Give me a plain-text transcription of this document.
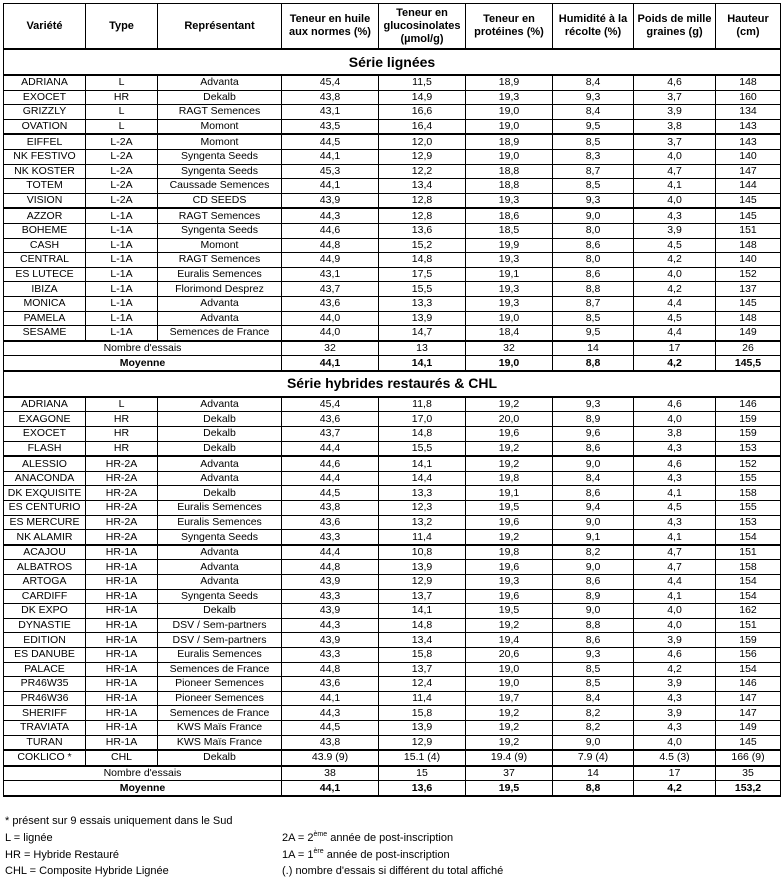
Variété	Type	Représentant	Teneur en huile aux normes (%)	Teneur en glucosinolates (µmol/g)	Teneur en protéines (%)	Humidité à la récolte (%)	Poids de mille graines (g)	Hauteur (cm)
Série lignées								
ADRIANA	L	Advanta	45,4	11,5	18,9	8,4	4,6	148
EXOCET	HR	Dekalb	43,8	14,9	19,3	9,3	3,7	160
GRIZZLY	L	RAGT Semences	43,1	16,6	19,0	8,4	3,9	134
OVATION	L	Momont	43,5	16,4	19,0	9,5	3,8	143
EIFFEL	L-2A	Momont	44,5	12,0	18,9	8,5	3,7	143
NK FESTIVO	L-2A	Syngenta Seeds	44,1	12,9	19,0	8,3	4,0	140
NK KOSTER	L-2A	Syngenta Seeds	45,3	12,2	18,8	8,7	4,7	147
TOTEM	L-2A	Caussade Semences	44,1	13,4	18,8	8,5	4,1	144
VISION	L-2A	CD SEEDS	43,9	12,8	19,3	9,3	4,0	145
AZZOR	L-1A	RAGT Semences	44,3	12,8	18,6	9,0	4,3	145
BOHEME	L-1A	Syngenta Seeds	44,6	13,6	18,5	8,0	3,9	151
CASH	L-1A	Momont	44,8	15,2	19,9	8,6	4,5	148
CENTRAL	L-1A	RAGT Semences	44,9	14,8	19,3	8,0	4,2	140
ES LUTECE	L-1A	Euralis Semences	43,1	17,5	19,1	8,6	4,0	152
IBIZA	L-1A	Florimond Desprez	43,7	15,5	19,3	8,8	4,2	137
MONICA	L-1A	Advanta	43,6	13,3	19,3	8,7	4,4	145
PAMELA	L-1A	Advanta	44,0	13,9	19,0	8,5	4,5	148
SESAME	L-1A	Semences de France	44,0	14,7	18,4	9,5	4,4	149
Nombre d'essais			32	13	32	14	17	26
Moyenne			44,1	14,1	19,0	8,8	4,2	145,5
Série hybrides restaurés & CHL								
ADRIANA	L	Advanta	45,4	11,8	19,2	9,3	4,6	146
EXAGONE	HR	Dekalb	43,6	17,0	20,0	8,9	4,0	159
EXOCET	HR	Dekalb	43,7	14,8	19,6	9,6	3,8	159
FLASH	HR	Dekalb	44,4	15,5	19,2	8,6	4,3	153
ALESSIO	HR-2A	Advanta	44,6	14,1	19,2	9,0	4,6	152
ANACONDA	HR-2A	Advanta	44,4	14,4	19,8	8,4	4,3	155
DK EXQUISITE	HR-2A	Dekalb	44,5	13,3	19,1	8,6	4,1	158
ES CENTURIO	HR-2A	Euralis Semences	43,8	12,3	19,5	9,4	4,5	155
ES MERCURE	HR-2A	Euralis Semences	43,6	13,2	19,6	9,0	4,3	153
NK ALAMIR	HR-2A	Syngenta Seeds	43,3	11,4	19,2	9,1	4,1	154
ACAJOU	HR-1A	Advanta	44,4	10,8	19,8	8,2	4,7	151
ALBATROS	HR-1A	Advanta	44,8	13,9	19,6	9,0	4,7	158
ARTOGA	HR-1A	Advanta	43,9	12,9	19,3	8,6	4,4	154
CARDIFF	HR-1A	Syngenta Seeds	43,3	13,7	19,6	8,9	4,1	154
DK EXPO	HR-1A	Dekalb	43,9	14,1	19,5	9,0	4,0	162
DYNASTIE	HR-1A	DSV / Sem-partners	44,3	14,8	19,2	8,8	4,0	151
EDITION	HR-1A	DSV / Sem-partners	43,9	13,4	19,4	8,6	3,9	159
ES DANUBE	HR-1A	Euralis Semences	43,3	15,8	20,6	9,3	4,6	156
PALACE	HR-1A	Semences de France	44,8	13,7	19,0	8,5	4,2	154
PR46W35	HR-1A	Pioneer Semences	43,6	12,4	19,0	8,5	3,9	146
PR46W36	HR-1A	Pioneer Semences	44,1	11,4	19,7	8,4	4,3	147
SHERIFF	HR-1A	Semences de France	44,3	15,8	19,2	8,2	3,9	147
TRAVIATA	HR-1A	KWS Maïs France	44,5	13,9	19,2	8,2	4,3	149
TURAN	HR-1A	KWS Maïs France	43,8	12,9	19,2	9,0	4,0	145
COKLICO *	CHL	Dekalb	43.9 (9)	15.1 (4)	19.4 (9)	7.9 (4)	4.5 (3)	166 (9)
Nombre d'essais			38	15	37	14	17	35
Moyenne			44,1	13,6	19,5	8,8	4,2	153,2
* présent sur 9 essais uniquement dans le Sud
L = lignée
HR = Hybride Restauré
CHL = Composite Hybride Lignée
2A = 2ème année de post-inscription
1A = 1ère année de post-inscription
(.) nombre d'essais si différent du total affiché
